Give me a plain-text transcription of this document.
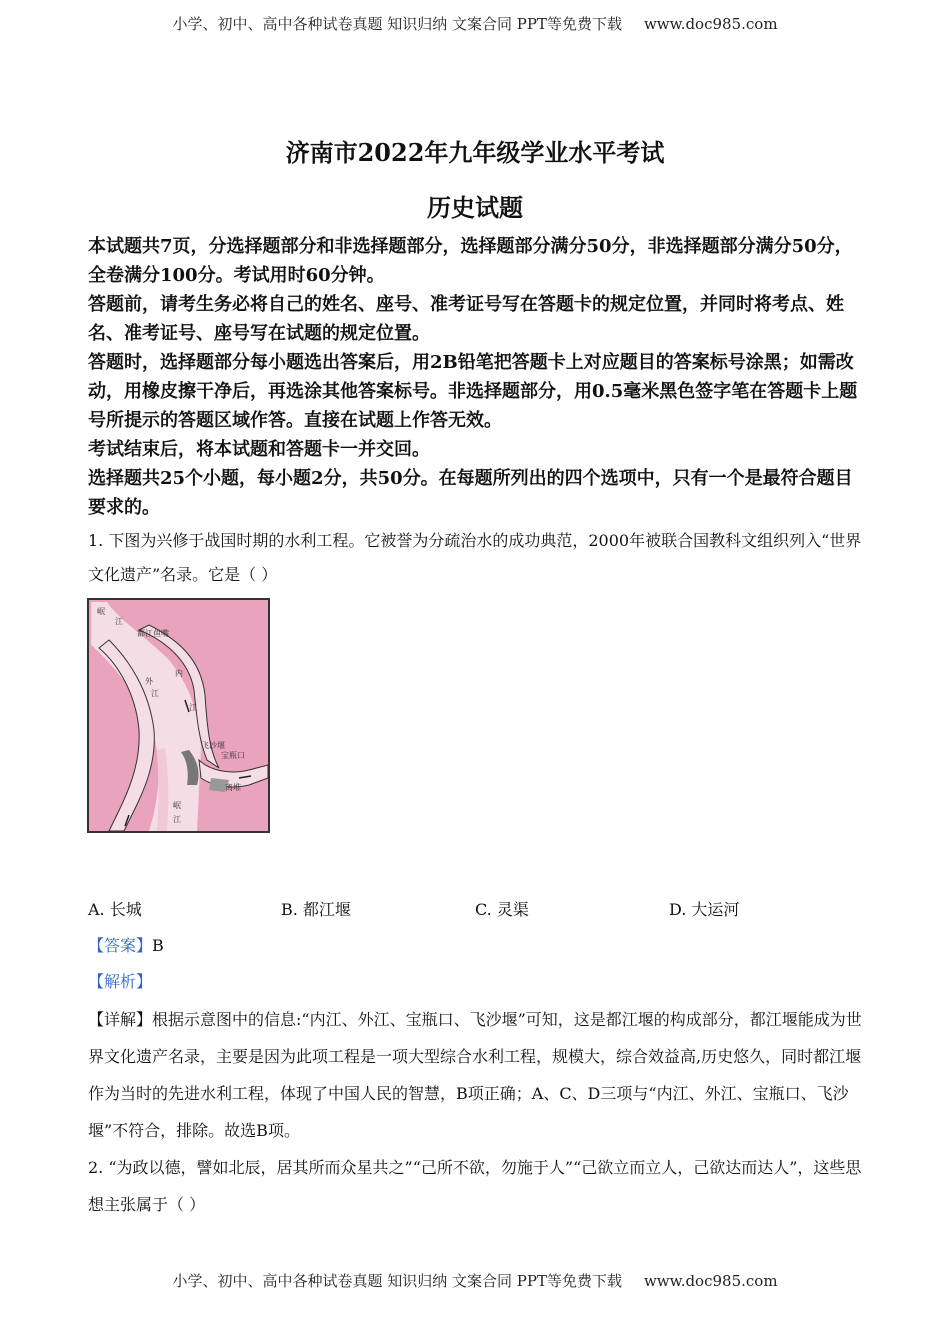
小学、初中、高中各种试卷真题 知识归纳 文案合同 PPT等免费下载 www.doc985.com
济南市2022年九年级学业水平考试
历史试题
本试题共7页，分选择题部分和非选择题部分，选择题部分满分50分，非选择题部分满分50分，全卷满分100分。考试用时60分钟。
答题前，请考生务必将自己的姓名、座号、准考证号写在答题卡的规定位置，并同时将考点、姓名、准考证号、座号写在试题的规定位置。
答题时，选择题部分每小题选出答案后，用2B铅笔把答题卡上对应题目的答案标号涂黑；如需改动，用橡皮擦干净后，再选涂其他答案标号。非选择题部分，用0.5毫米黑色签字笔在答题卡上题号所提示的答题区域作答。直接在试题上作答无效。
考试结束后，将本试题和答题卡一并交回。
选择题共25个小题，每小题2分，共50分。在每题所列出的四个选项中，只有一个是最符合题目要求的。
1. 下图为兴修于战国时期的水利工程。它被誉为分疏治水的成功典范，2000年被联合国教科文组织列入“世界文化遗产”名录。它是（ ）
岷
江
都江鱼嘴
外
内
江
江
飞沙堰
宝瓶口
离堆
岷
江
A. 长城	B. 都江堰	C. 灵渠	D. 大运河
【答案】B
【解析】
【详解】根据示意图中的信息:“内江、外江、宝瓶口、飞沙堰”可知，这是都江堰的构成部分，都江堰能成为世界文化遗产名录，主要是因为此项工程是一项大型综合水利工程，规模大，综合效益高,历史悠久，同时都江堰作为当时的先进水利工程，体现了中国人民的智慧，B项正确；A、C、D三项与“内江、外江、宝瓶口、飞沙堰”不符合，排除。故选B项。
2. “为政以德，譬如北辰，居其所而众星共之”“己所不欲，勿施于人”“己欲立而立人，己欲达而达人”，这些思想主张属于（ ）
小学、初中、高中各种试卷真题 知识归纳 文案合同 PPT等免费下载 www.doc985.com
